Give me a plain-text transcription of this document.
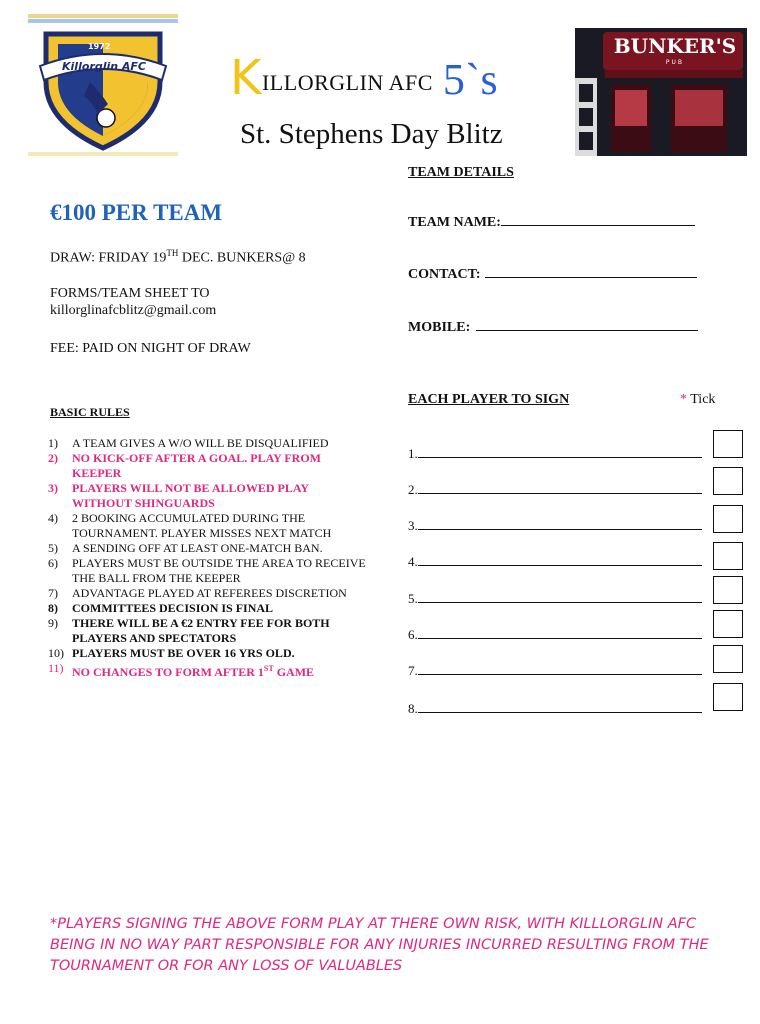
1972
Killorglin AFC KILLORGLIN AFC 5`s
St. Stephens Day Blitz
BUNKER'S
PUB
€100 PER TEAM
DRAW: FRIDAY 19TH DEC. BUNKERS@ 8
FORMS/TEAM SHEET TO
killorglinafcblitz@gmail.com
FEE: PAID ON NIGHT OF DRAW
BASIC RULES
1)	A TEAM GIVES A W/O WILL BE DISQUALIFIED
2)	NO KICK-OFF AFTER A GOAL. PLAY FROM KEEPER
3)	PLAYERS WILL NOT BE ALLOWED PLAY WITHOUT SHINGUARDS
4)	2 BOOKING ACCUMULATED DURING THE TOURNAMENT. PLAYER MISSES NEXT MATCH
5)	A SENDING OFF AT LEAST ONE-MATCH BAN.
6)	PLAYERS MUST BE OUTSIDE THE AREA TO RECEIVE THE BALL FROM THE KEEPER
7)	ADVANTAGE PLAYED AT REFEREES DISCRETION
8)	COMMITTEES DECISION IS FINAL
9)	THERE WILL BE A €2 ENTRY FEE FOR BOTH PLAYERS AND SPECTATORS
10) PLAYERS MUST BE OVER 16 YRS OLD.
11) NO CHANGES TO FORM AFTER 1ST GAME
TEAM DETAILS
TEAM NAME:
CONTACT:
MOBILE:
EACH PLAYER TO SIGN	* Tick
1.
2.
3.
4.
5.
6.
7.
8.
*PLAYERS SIGNING THE ABOVE FORM PLAY AT THERE OWN RISK, WITH KILLLORGLIN AFC BEING IN NO WAY PART RESPONSIBLE FOR ANY INJURIES INCURRED RESULTING FROM THE TOURNAMENT OR FOR ANY LOSS OF VALUABLES
